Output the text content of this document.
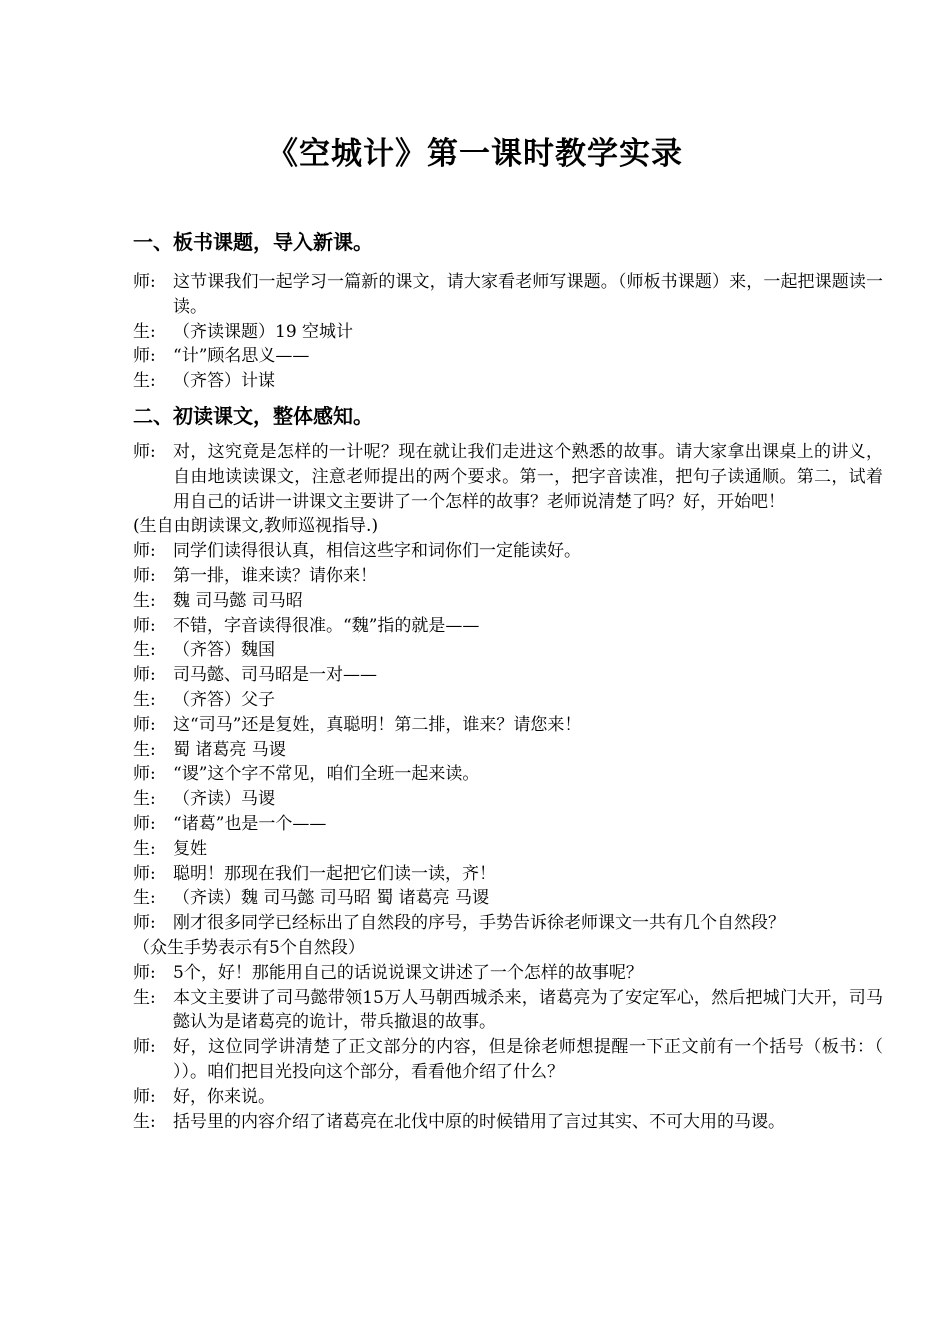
《空城计》第一课时教学实录
一、板书课题，导入新课。
师:	这节课我们一起学习一篇新的课文，请大家看老师写课题。（师板书课题）来，一起把课题读一读。
生: （齐读课题）19 空城计
师: “计”顾名思义——
生: （齐答）计谋
二、初读课文，整体感知。
师:	对，这究竟是怎样的一计呢？现在就让我们走进这个熟悉的故事。请大家拿出课桌上的讲义，自由地读读课文，注意老师提出的两个要求。第一，把字音读准，把句子读通顺。第二，试着用自己的话讲一讲课文主要讲了一个怎样的故事？老师说清楚了吗？好，开始吧！
(生自由朗读课文,教师巡视指导.)
师: 同学们读得很认真，相信这些字和词你们一定能读好。
师: 第一排，谁来读？请你来！
生: 魏 司马懿 司马昭
师: 不错，字音读得很准。“魏”指的就是——
生: （齐答）魏国
师: 司马懿、司马昭是一对——
生: （齐答）父子
师: 这“司马”还是复姓，真聪明！第二排，谁来？请您来！
生: 蜀 诸葛亮 马谡
师: “谡”这个字不常见，咱们全班一起来读。
生: （齐读）马谡
师: “诸葛”也是一个——
生: 复姓
师: 聪明！那现在我们一起把它们读一读，齐！
生: （齐读）魏 司马懿 司马昭 蜀 诸葛亮 马谡
师:	刚才很多同学已经标出了自然段的序号，手势告诉徐老师课文一共有几个自然段？
（众生手势表示有5个自然段）
师: 5个，好！那能用自己的话说说课文讲述了一个怎样的故事呢？
生:	本文主要讲了司马懿带领15万人马朝西城杀来，诸葛亮为了安定军心，然后把城门大开，司马懿认为是诸葛亮的诡计，带兵撤退的故事。
师:	好，这位同学讲清楚了正文部分的内容，但是徐老师想提醒一下正文前有一个括号（板书：（ ））。咱们把目光投向这个部分，看看他介绍了什么？
师: 好，你来说。
生:	括号里的内容介绍了诸葛亮在北伐中原的时候错用了言过其实、不可大用的马谡。
